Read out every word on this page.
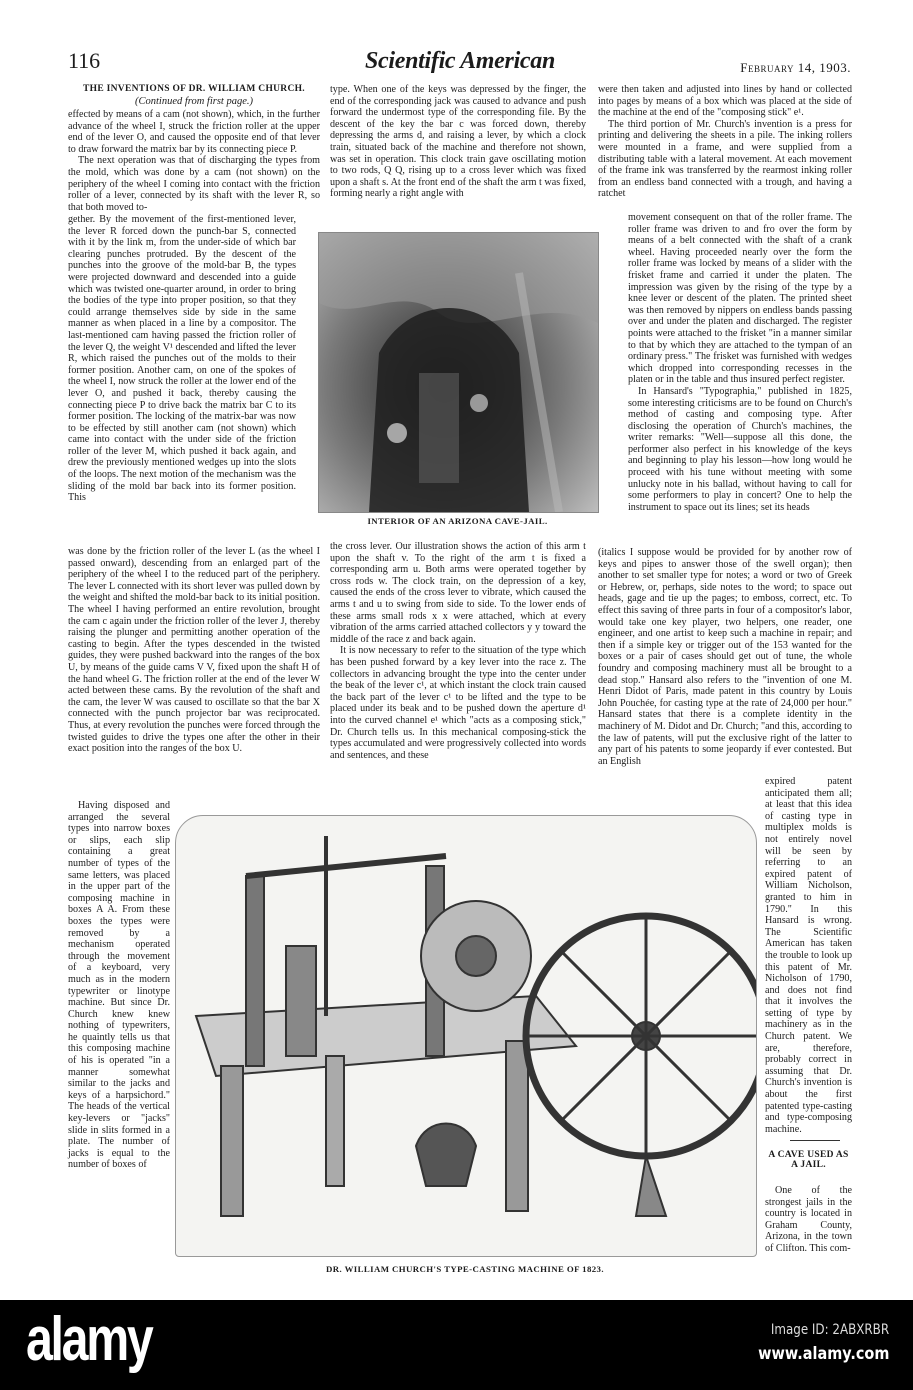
116	Scientific American	February 14, 1903.
THE INVENTIONS OF DR. WILLIAM CHURCH.
(Continued from first page.)

effected by means of a cam (not shown), which, in the further advance of the wheel I, struck the friction roller at the upper end of the lever O, and caused the opposite end of that lever to draw forward the matrix bar by its connecting piece P.

The next operation was that of discharging the types from the mold, which was done by a cam (not shown) on the periphery of the wheel I coming into contact with the friction roller of a lever, connected by its shaft with the lever R, so that both moved to-

gether. By the movement of the first-mentioned lever, the lever R forced down the punch-bar S, connected with it by the link m, from the under-side of which bar clearing punches protruded. By the descent of the punches into the groove of the mold-bar B, the types were projected downward and descended into a guide which was twisted one-quarter around, in order to bring the bodies of the type into proper position, so that they could arrange themselves side by side in the same manner as when placed in a line by a compositor. The last-mentioned cam having passed the friction roller of the lever Q, the weight V¹ descended and lifted the lever R, which raised the punches out of the molds to their former position. Another cam, on one of the spokes of the wheel I, now struck the roller at the lower end of the lever O, and pushed it back, thereby causing the connecting piece P to drive back the matrix bar C to its former position. The locking of the matrix-bar was now to be effected by still another cam (not shown) which came into contact with the under side of the friction roller of the lever M, which pushed it back again, and drew the previously mentioned wedges up into the slots of the loops. The next motion of the mechanism was the sliding of the mold bar back into its former position. This

was done by the friction roller of the lever L (as the wheel I passed onward), descending from an enlarged part of the periphery of the wheel I to the reduced part of the periphery. The lever L connected with its short lever was pulled down by the weight and shifted the mold-bar back to its initial position. The wheel I having performed an entire revolution, brought the cam c again under the friction roller of the lever J, thereby raising the plunger and permitting another operation of the casting to begin. After the types descended in the twisted guides, they were pushed backward into the ranges of the box U, by means of the guide cams V V, fixed upon the shaft H of the hand wheel G. The friction roller at the end of the lever W acted between these cams. By the revolution of the shaft and the cam, the lever W was caused to oscillate so that the bar X connected with the punch projector bar was reciprocated. Thus, at every revolution the punches were forced through the twisted guides to drive the types one after the other in their exact position into the ranges of the box U.

Having disposed and arranged the several types into narrow boxes or slips, each slip containing a great number of types of the same letters, was placed in the upper part of the composing machine in boxes A A. From these boxes the types were removed by a mechanism operated through the movement of a keyboard, very much as in the modern typewriter or linotype machine. But since Dr. Church knew knew nothing of typewriters, he quaintly tells us that this composing machine of his is operated "in a manner somewhat similar to the jacks and keys of a harpsichord." The heads of the vertical key-levers or "jacks" slide in slits formed in a plate. The number of jacks is equal to the number of boxes of

type. When one of the keys was depressed by the finger, the end of the corresponding jack was caused to advance and push forward the undermost type of the corresponding file. By the descent of the key the bar c was forced down, thereby depressing the arms d, and raising a lever, by which a clock train, situated back of the machine and therefore not shown, was set in operation. This clock train gave oscillating motion to two rods, Q Q, rising up to a cross lever which was fixed upon a shaft s. At the front end of the shaft the arm t was fixed, forming nearly a right angle with

INTERIOR OF AN ARIZONA CAVE-JAIL.

the cross lever. Our illustration shows the action of this arm t upon the shaft v. To the right of the arm t is fixed a corresponding arm u. Both arms were operated together by cross rods w. The clock train, on the depression of a key, caused the ends of the cross lever to vibrate, which caused the arms t and u to swing from side to side. To the lower ends of these arms small rods x x were attached, which at every vibration of the arms carried attached collectors y y toward the middle of the race z and back again.

It is now necessary to refer to the situation of the type which has been pushed forward by a key lever into the race z. The collectors in advancing brought the type into the center under the beak of the lever c¹, at which instant the clock train caused the back part of the lever c¹ to be lifted and the type to be placed under its beak and to be pushed down the aperture d¹ into the curved channel e¹ which "acts as a composing stick," Dr. Church tells us. In this mechanical composing-stick the types accumulated and were progressively collected into words and sentences, and these

were then taken and adjusted into lines by hand or collected into pages by means of a box which was placed at the side of the machine at the end of the "composing stick" e¹.

The third portion of Mr. Church's invention is a press for printing and delivering the sheets in a pile. The inking rollers were mounted in a frame, and were supplied from a distributing table with a lateral movement. At each movement of the frame ink was transferred by the rearmost inking roller from an endless band connected with a trough, and having a ratchet

movement consequent on that of the roller frame. The roller frame was driven to and fro over the form by means of a belt connected with the shaft of a crank wheel. Having proceeded nearly over the form the roller frame was locked by means of a slider with the frisket frame and carried it under the platen. The impression was given by the rising of the type by a knee lever or descent of the platen. The printed sheet was then removed by nippers on endless bands passing over and under the platen and discharged. The register points were attached to the frisket "in a manner similar to that by which they are attached to the tympan of an ordinary press." The frisket was furnished with wedges which dropped into corresponding recesses in the platen or in the table and thus insured perfect register.

In Hansard's "Typographia," published in 1825, some interesting criticisms are to be found on Church's method of casting and composing type. After disclosing the operation of Church's machines, the writer remarks: "Well—suppose all this done, the performer also perfect in his knowledge of the keys and beginning to play his lesson—how long would he proceed with his tune without meeting with some unlucky note in his ballad, without having to call for some performers to play in concert? One to help the instrument to space out its lines; set its heads

(italics I suppose would be provided for by another row of keys and pipes to answer those of the swell organ); then another to set smaller type for notes; a word or two of Greek or Hebrew, or, perhaps, side notes to the word; to space out heads, gage and tie up the pages; to emboss, correct, etc. To effect this saving of three parts in four of a compositor's labor, would take one key player, two helpers, one reader, one engineer, and one artist to keep such a machine in repair; and then if a simple key or trigger out of the 153 wanted for the boxes or a pair of cases should get out of tune, the whole foundry and composing machinery must all be brought to a dead stop." Hansard also refers to the "invention of one M. Henri Didot of Paris, made patent in this country by Louis John Pouchée, for casting type at the rate of 24,000 per hour." Hansard states that there is a complete identity in the machinery of M. Didot and Dr. Church; "and this, according to the law of patents, will put the exclusive right of the latter to any part of his patents to some jeopardy if ever contested. But an English

expired patent anticipated them all; at least that this idea of casting type in multiplex molds is not entirely novel will be seen by referring to an expired patent of William Nicholson, granted to him in 1790." In this Hansard is wrong. The Scientific American has taken the trouble to look up this patent of Mr. Nicholson of 1790, and does not find that it involves the setting of type by machinery as in the Church patent. We are, therefore, probably correct in assuming that Dr. Church's invention is about the first patented type-casting and type-composing machine.

A CAVE USED AS A JAIL.

One of the strongest jails in the country is located in Graham County, Arizona, in the town of Clifton. This com-

DR. WILLIAM CHURCH'S TYPE-CASTING MACHINE OF 1823.
alamy	Image ID: 2ABXRBR
www.alamy.com
